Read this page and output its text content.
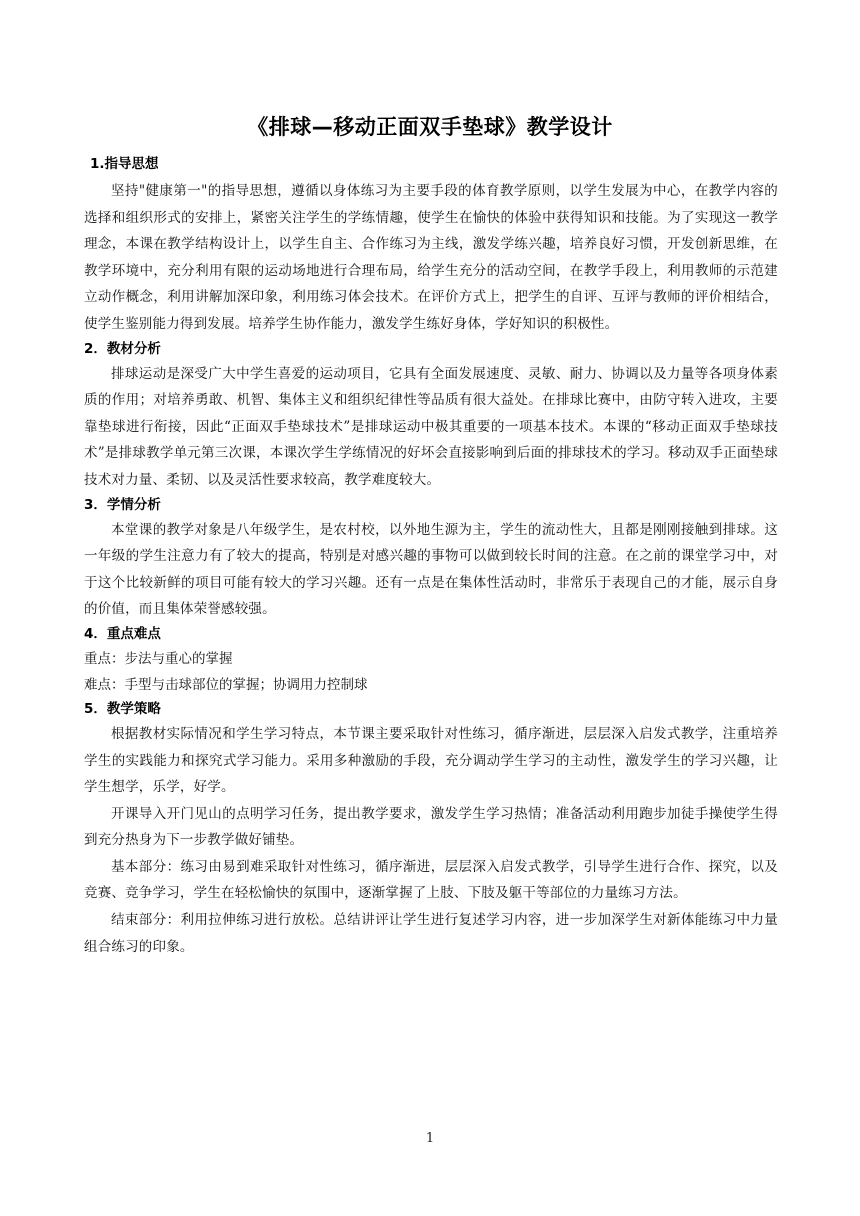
《排球—移动正面双手垫球》教学设计

1.指导思想

坚持"健康第一"的指导思想，遵循以身体练习为主要手段的体育教学原则，以学生发展为中心，在教学内容的选择和组织形式的安排上，紧密关注学生的学练情趣，使学生在愉快的体验中获得知识和技能。为了实现这一教学理念，本课在教学结构设计上，以学生自主、合作练习为主线，激发学练兴趣，培养良好习惯，开发创新思维，在教学环境中，充分利用有限的运动场地进行合理布局，给学生充分的活动空间，在教学手段上，利用教师的示范建立动作概念，利用讲解加深印象，利用练习体会技术。在评价方式上，把学生的自评、互评与教师的评价相结合，使学生鉴别能力得到发展。培养学生协作能力，激发学生练好身体，学好知识的积极性。

2．教材分析

排球运动是深受广大中学生喜爱的运动项目，它具有全面发展速度、灵敏、耐力、协调以及力量等各项身体素质的作用；对培养勇敢、机智、集体主义和组织纪律性等品质有很大益处。在排球比赛中，由防守转入进攻，主要靠垫球进行衔接，因此“正面双手垫球技术”是排球运动中极其重要的一项基本技术。本课的“移动正面双手垫球技术”是排球教学单元第三次课，本课次学生学练情况的好坏会直接影响到后面的排球技术的学习。移动双手正面垫球技术对力量、柔韧、以及灵活性要求较高，教学难度较大。

3．学情分析

本堂课的教学对象是八年级学生，是农村校，以外地生源为主，学生的流动性大，且都是刚刚接触到排球。这一年级的学生注意力有了较大的提高，特别是对感兴趣的事物可以做到较长时间的注意。在之前的课堂学习中，对于这个比较新鲜的项目可能有较大的学习兴趣。还有一点是在集体性活动时，非常乐于表现自己的才能，展示自身的价值，而且集体荣誉感较强。

4．重点难点

重点：步法与重心的掌握

难点：手型与击球部位的掌握；协调用力控制球

5．教学策略

根据教材实际情况和学生学习特点，本节课主要采取针对性练习，循序渐进，层层深入启发式教学，注重培养学生的实践能力和探究式学习能力。采用多种激励的手段，充分调动学生学习的主动性，激发学生的学习兴趣，让学生想学，乐学，好学。

开课导入开门见山的点明学习任务，提出教学要求，激发学生学习热情；准备活动利用跑步加徒手操使学生得到充分热身为下一步教学做好铺垫。

基本部分：练习由易到难采取针对性练习，循序渐进，层层深入启发式教学，引导学生进行合作、探究，以及竞赛、竞争学习，学生在轻松愉快的氛围中，逐渐掌握了上肢、下肢及躯干等部位的力量练习方法。

结束部分：利用拉伸练习进行放松。总结讲评让学生进行复述学习内容，进一步加深学生对新体能练习中力量组合练习的印象。

1
